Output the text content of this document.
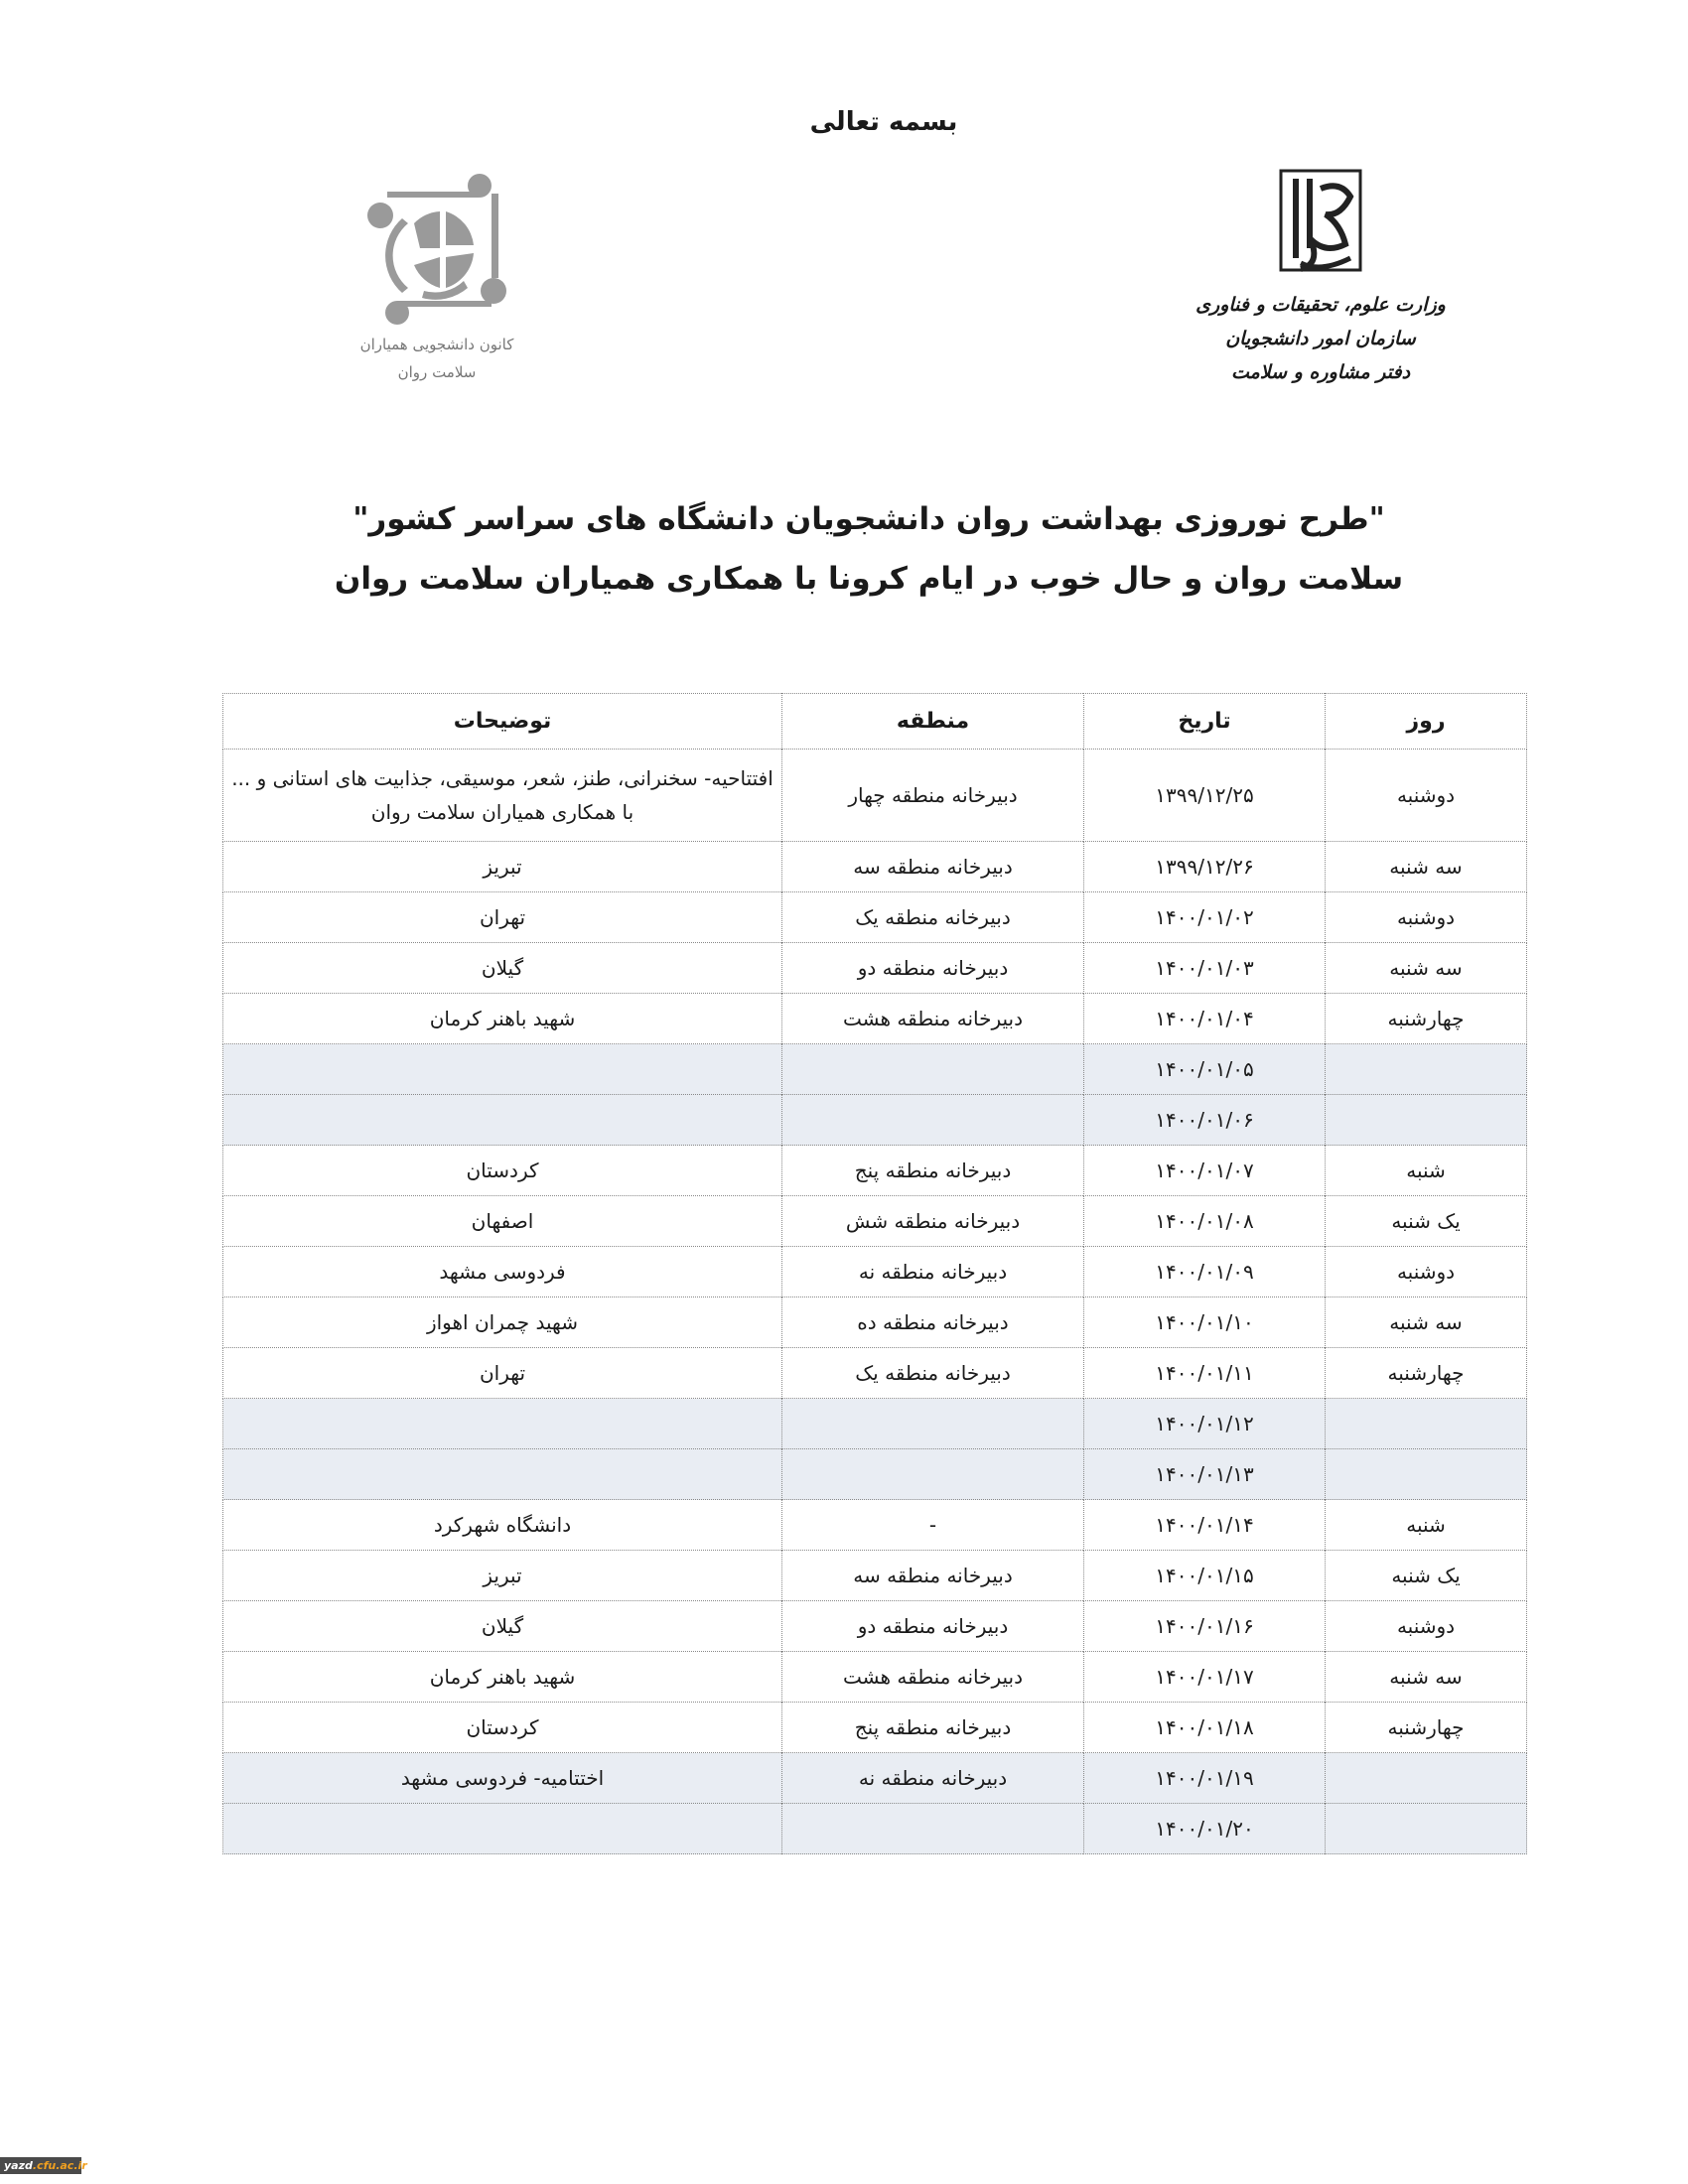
بسمه تعالی
کانون دانشجویی همیاران
سلامت روان
وزارت علوم، تحقیقات و فناوری
سازمان امور دانشجویان
دفتر مشاوره و سلامت
"طرح نوروزی بهداشت روان دانشجویان دانشگاه های سراسر کشور"
سلامت روان و حال خوب در ایام کرونا با همکاری همیاران سلامت روان
روز	تاریخ	منطقه	توضیحات
دوشنبه	۱۳۹۹/۱۲/۲۵	دبیرخانه منطقه چهار	افتتاحیه- سخنرانی، طنز، شعر، موسیقی، جذابیت های استانی و ... با همکاری همیاران سلامت روان
سه شنبه	۱۳۹۹/۱۲/۲۶	دبیرخانه منطقه سه	تبریز
دوشنبه	۱۴۰۰/۰۱/۰۲	دبیرخانه منطقه یک	تهران
سه شنبه	۱۴۰۰/۰۱/۰۳	دبیرخانه منطقه دو	گیلان
چهارشنبه	۱۴۰۰/۰۱/۰۴	دبیرخانه منطقه هشت	شهید باهنر کرمان
	۱۴۰۰/۰۱/۰۵		
	۱۴۰۰/۰۱/۰۶		
شنبه	۱۴۰۰/۰۱/۰۷	دبیرخانه منطقه پنج	کردستان
یک شنبه	۱۴۰۰/۰۱/۰۸	دبیرخانه منطقه شش	اصفهان
دوشنبه	۱۴۰۰/۰۱/۰۹	دبیرخانه منطقه نه	فردوسی مشهد
سه شنبه	۱۴۰۰/۰۱/۱۰	دبیرخانه منطقه ده	شهید چمران اهواز
چهارشنبه	۱۴۰۰/۰۱/۱۱	دبیرخانه منطقه یک	تهران
	۱۴۰۰/۰۱/۱۲		
	۱۴۰۰/۰۱/۱۳		
شنبه	۱۴۰۰/۰۱/۱۴	-	دانشگاه شهرکرد
یک شنبه	۱۴۰۰/۰۱/۱۵	دبیرخانه منطقه سه	تبریز
دوشنبه	۱۴۰۰/۰۱/۱۶	دبیرخانه منطقه دو	گیلان
سه شنبه	۱۴۰۰/۰۱/۱۷	دبیرخانه منطقه هشت	شهید باهنر کرمان
چهارشنبه	۱۴۰۰/۰۱/۱۸	دبیرخانه منطقه پنج	کردستان
	۱۴۰۰/۰۱/۱۹	دبیرخانه منطقه نه	اختتامیه- فردوسی مشهد
	۱۴۰۰/۰۱/۲۰		
yazd.cfu.ac.ir
